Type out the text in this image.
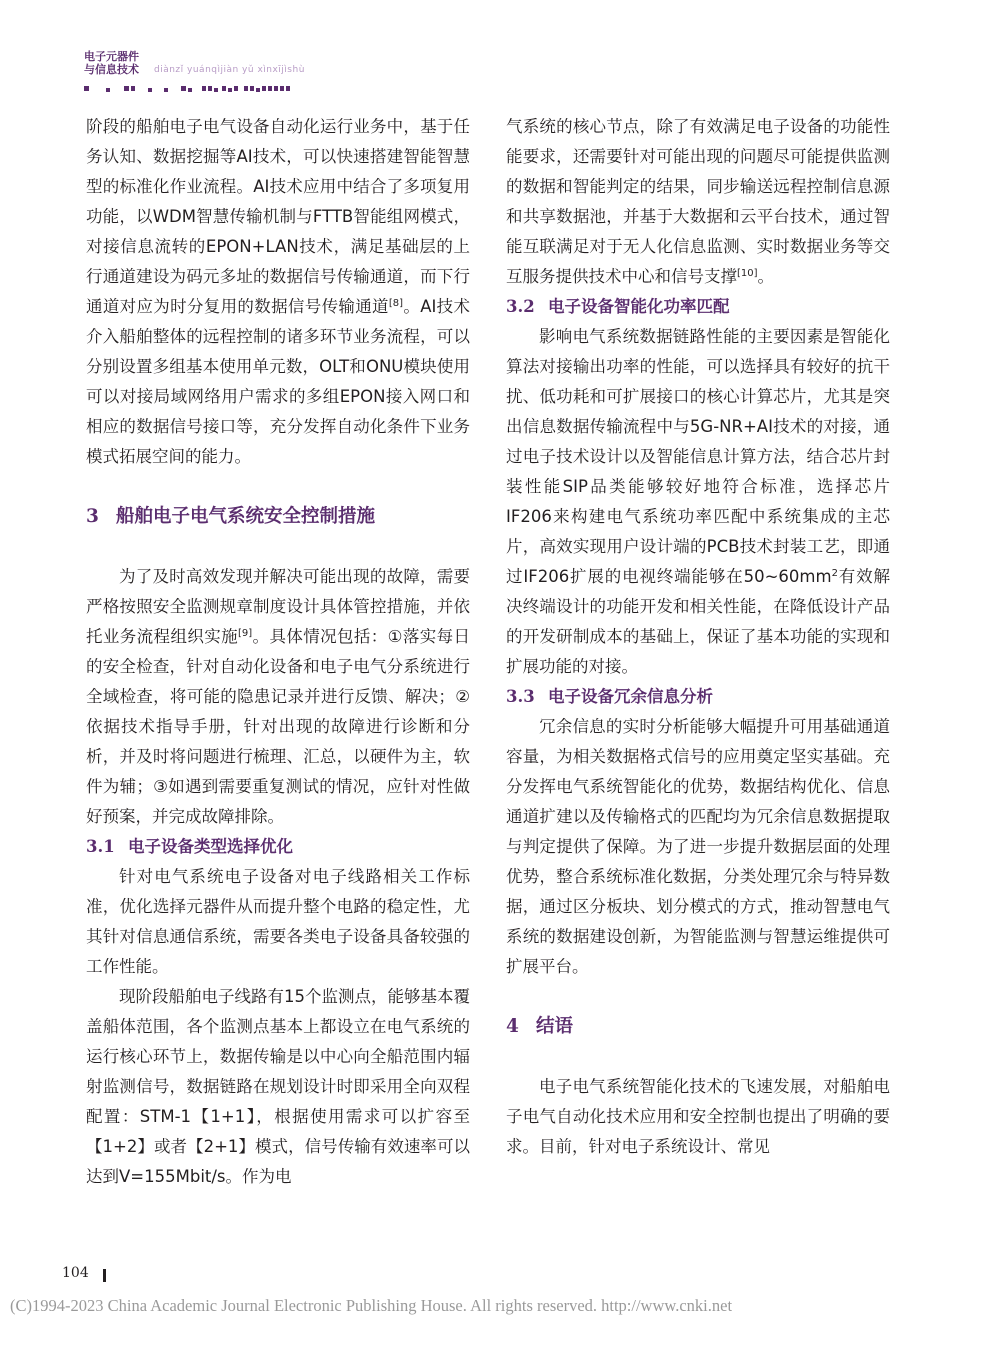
电子元器件
与信息技术 diànzǐ yuánqìjiàn yǔ xìnxījìshù

阶段的船舶电子电气设备自动化运行业务中，基于任务认知、数据挖掘等AI技术，可以快速搭建智能智慧型的标准化作业流程。AI技术应用中结合了多项复用功能，以WDM智慧传输机制与FTTB智能组网模式，对接信息流转的EPON+LAN技术，满足基础层的上行通道建设为码元多址的数据信号传输通道，而下行通道对应为时分复用的数据信号传输通道[8]。AI技术介入船舶整体的远程控制的诸多环节业务流程，可以分别设置多组基本使用单元数，OLT和ONU模块使用可以对接局域网络用户需求的多组EPON接入网口和相应的数据信号接口等，充分发挥自动化条件下业务模式拓展空间的能力。

3 船舶电子电气系统安全控制措施

为了及时高效发现并解决可能出现的故障，需要严格按照安全监测规章制度设计具体管控措施，并依托业务流程组织实施[9]。具体情况包括：①落实每日的安全检查，针对自动化设备和电子电气分系统进行全域检查，将可能的隐患记录并进行反馈、解决；②依据技术指导手册，针对出现的故障进行诊断和分析，并及时将问题进行梳理、汇总，以硬件为主，软件为辅；③如遇到需要重复测试的情况，应针对性做好预案，并完成故障排除。

3.1 电子设备类型选择优化

针对电气系统电子设备对电子线路相关工作标准，优化选择元器件从而提升整个电路的稳定性，尤其针对信息通信系统，需要各类电子设备具备较强的工作性能。

现阶段船舶电子线路有15个监测点，能够基本覆盖船体范围，各个监测点基本上都设立在电气系统的运行核心环节上，数据传输是以中心向全船范围内辐射监测信号，数据链路在规划设计时即采用全向双程配置：STM-1【1+1】，根据使用需求可以扩容至【1+2】或者【2+1】模式，信号传输有效速率可以达到V=155Mbit/s。作为电

气系统的核心节点，除了有效满足电子设备的功能性能要求，还需要针对可能出现的问题尽可能提供监测的数据和智能判定的结果，同步输送远程控制信息源和共享数据池，并基于大数据和云平台技术，通过智能互联满足对于无人化信息监测、实时数据业务等交互服务提供技术中心和信号支撑[10]。

3.2 电子设备智能化功率匹配

影响电气系统数据链路性能的主要因素是智能化算法对接输出功率的性能，可以选择具有较好的抗干扰、低功耗和可扩展接口的核心计算芯片，尤其是突出信息数据传输流程中与5G-NR+AI技术的对接，通过电子技术设计以及智能信息计算方法，结合芯片封装性能SIP品类能够较好地符合标准，选择芯片IF206来构建电气系统功率匹配中系统集成的主芯片，高效实现用户设计端的PCB技术封装工艺，即通过IF206扩展的电视终端能够在$50\sim 60mm^2$有效解决终端设计的功能开发和相关性能，在降低设计产品的开发研制成本的基础上，保证了基本功能的实现和扩展功能的对接。

3.3 电子设备冗余信息分析

冗余信息的实时分析能够大幅提升可用基础通道容量，为相关数据格式信号的应用奠定坚实基础。充分发挥电气系统智能化的优势，数据结构优化、信息通道扩建以及传输格式的匹配均为冗余信息数据提取与判定提供了保障。为了进一步提升数据层面的处理优势，整合系统标准化数据，分类处理冗余与特异数据，通过区分板块、划分模式的方式，推动智慧电气系统的数据建设创新，为智能监测与智慧运维提供可扩展平台。

4 结语

电子电气系统智能化技术的飞速发展，对船舶电子电气自动化技术应用和安全控制也提出了明确的要求。目前，针对电子系统设计、常见

104
(C)1994-2023 China Academic Journal Electronic Publishing House. All rights reserved. http://www.cnki.net
